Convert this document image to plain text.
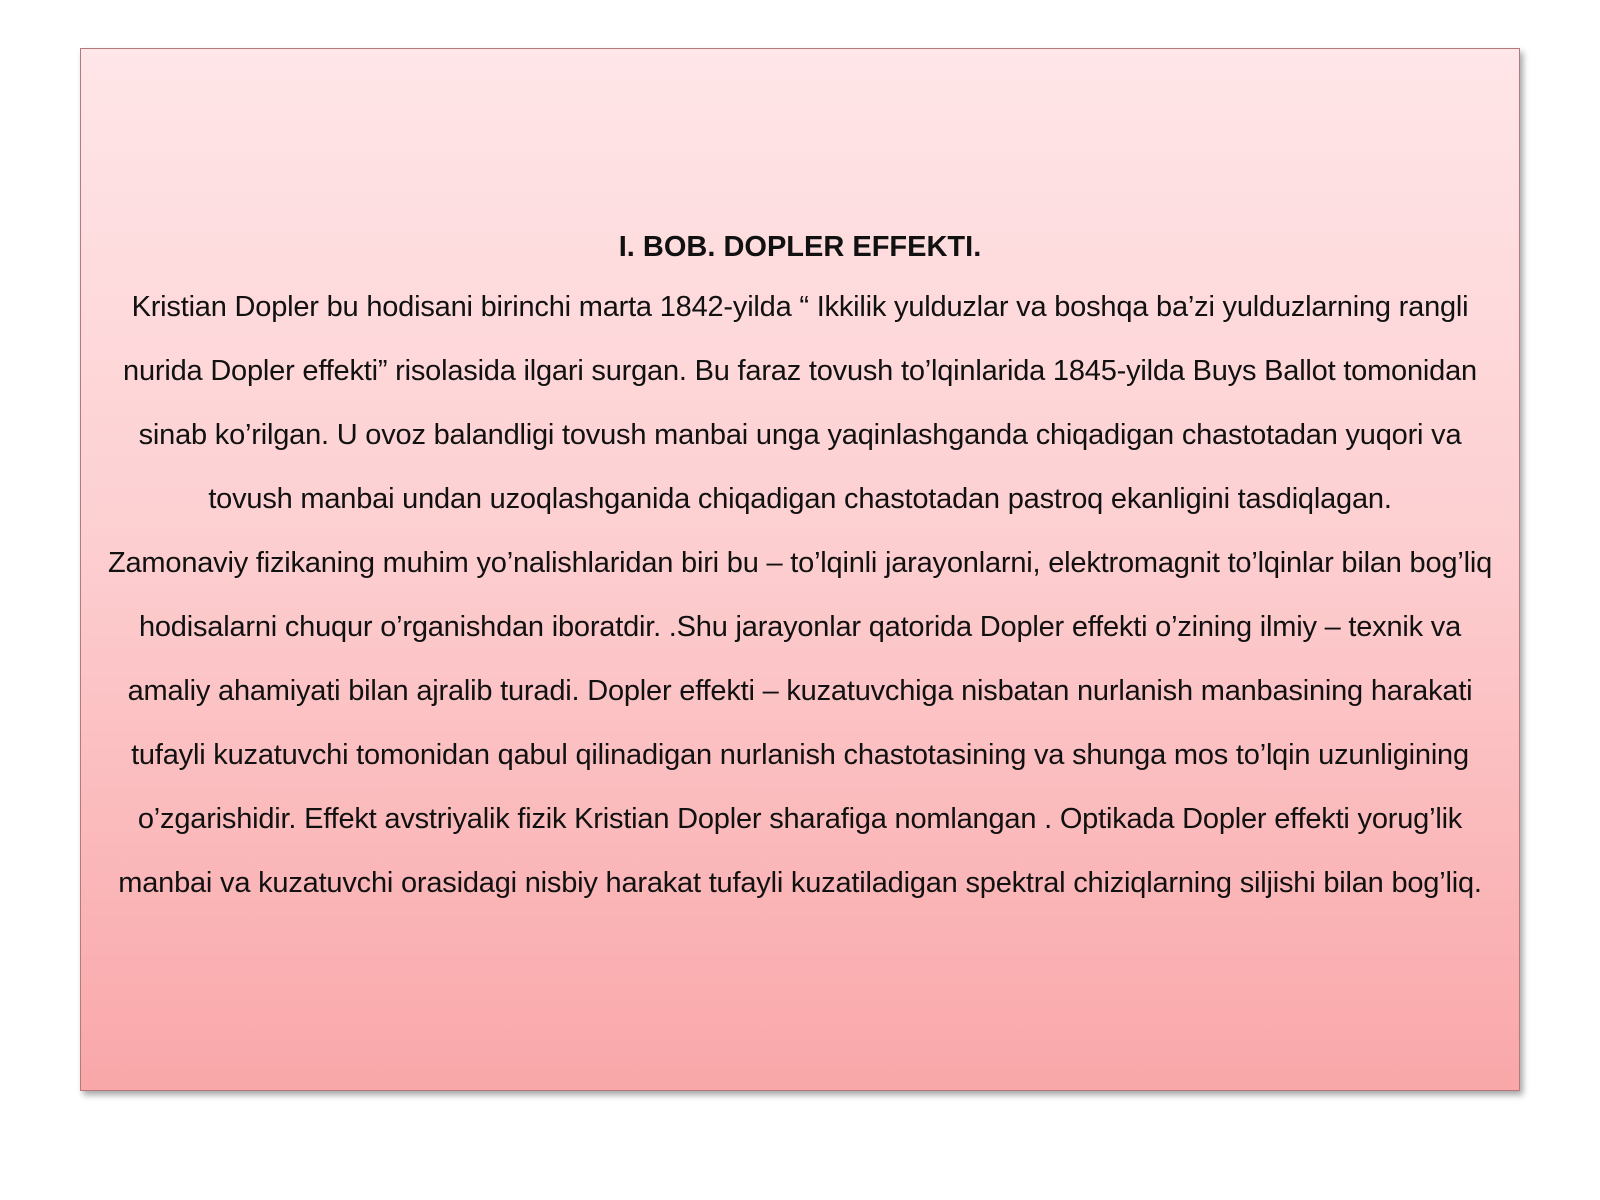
I. BOB. DOPLER EFFEKTI.

Kristian Dopler bu hodisani birinchi marta 1842-yilda “ Ikkilik yulduzlar va boshqa ba’zi yulduzlarning rangli nurida Dopler effekti” risolasida ilgari surgan. Bu faraz tovush to’lqinlarida 1845-yilda Buys Ballot tomonidan sinab ko’rilgan. U ovoz balandligi tovush manbai unga yaqinlashganda chiqadigan chastotadan yuqori va tovush manbai undan uzoqlashganida chiqadigan chastotadan pastroq ekanligini tasdiqlagan.

Zamonaviy fizikaning muhim yo’nalishlaridan biri bu – to’lqinli jarayonlarni, elektromagnit to’lqinlar bilan bog’liq hodisalarni chuqur o’rganishdan iboratdir. .Shu jarayonlar qatorida Dopler effekti o’zining ilmiy – texnik va amaliy ahamiyati bilan ajralib turadi. Dopler effekti – kuzatuvchiga nisbatan nurlanish manbasining harakati tufayli kuzatuvchi tomonidan qabul qilinadigan nurlanish chastotasining va shunga mos to’lqin uzunligining o’zgarishidir. Effekt avstriyalik fizik Kristian Dopler sharafiga nomlangan . Optikada Dopler effekti yorug’lik manbai va kuzatuvchi orasidagi nisbiy harakat tufayli kuzatiladigan spektral chiziqlarning siljishi bilan bog’liq.
